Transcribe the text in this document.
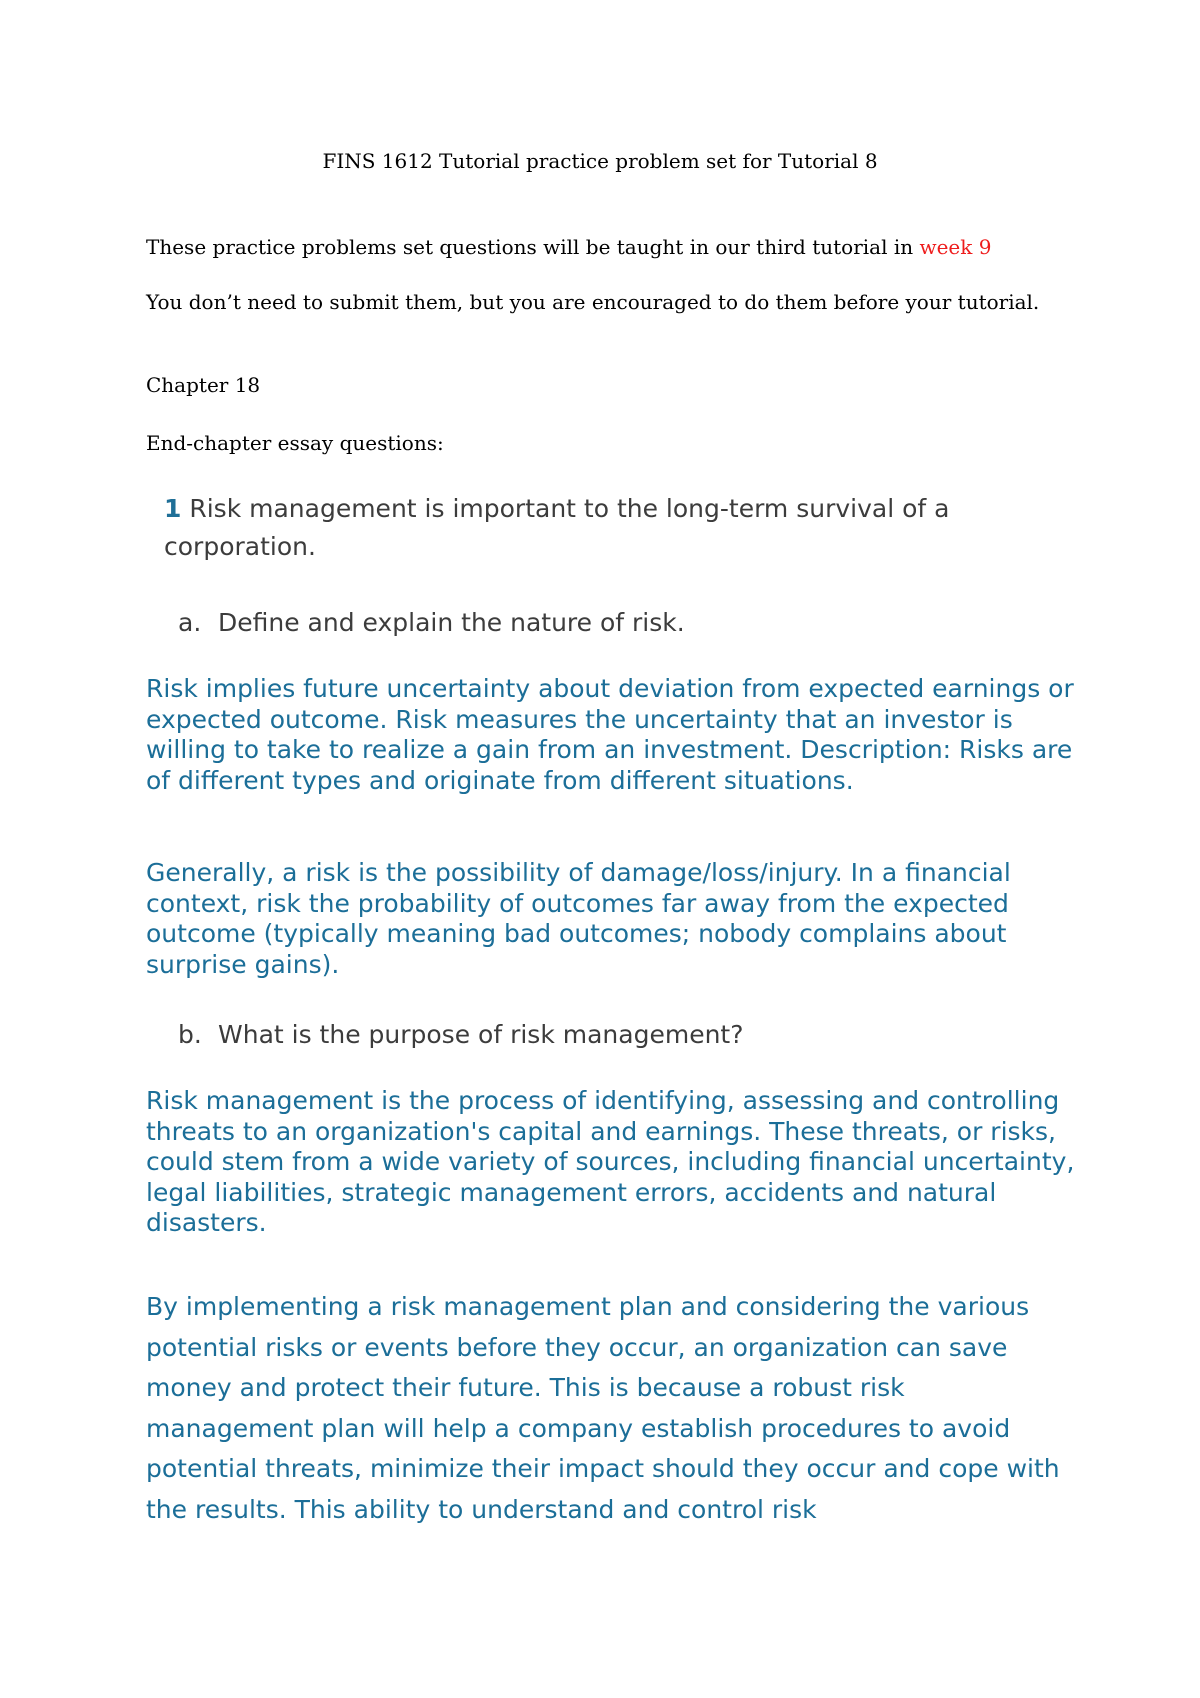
FINS 1612 Tutorial practice problem set for Tutorial 8

These practice problems set questions will be taught in our third tutorial in week 9

You don’t need to submit them, but you are encouraged to do them before your tutorial.

Chapter 18

End-chapter essay questions:

1 Risk management is important to the long-term survival of a corporation.

a. Define and explain the nature of risk.

Risk implies future uncertainty about deviation from expected earnings or expected outcome. Risk measures the uncertainty that an investor is willing to take to realize a gain from an investment. Description: Risks are of different types and originate from different situations.

Generally, a risk is the possibility of damage/loss/injury. In a financial context, risk the probability of outcomes far away from the expected outcome (typically meaning bad outcomes; nobody complains about surprise gains).

b. What is the purpose of risk management?

Risk management is the process of identifying, assessing and controlling threats to an organization's capital and earnings. These threats, or risks, could stem from a wide variety of sources, including financial uncertainty, legal liabilities, strategic management errors, accidents and natural disasters.

By implementing a risk management plan and considering the various potential risks or events before they occur, an organization can save money and protect their future. This is because a robust risk management plan will help a company establish procedures to avoid potential threats, minimize their impact should they occur and cope with the results. This ability to understand and control risk
